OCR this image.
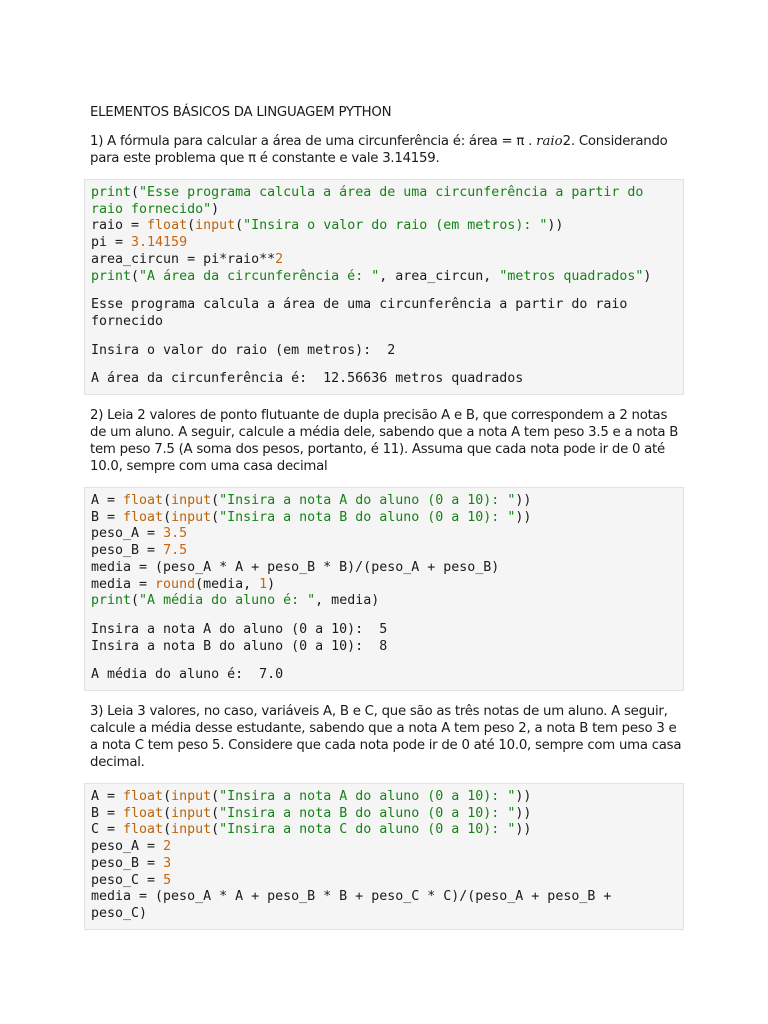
ELEMENTOS BÁSICOS DA LINGUAGEM PYTHON
1) A fórmula para calcular a área de uma circunferência é: área = π . raio2. Considerando para este problema que π é constante e vale 3.14159.
print("Esse programa calcula a área de uma circunferência a partir do
raio fornecido")
raio = float(input("Insira o valor do raio (em metros): "))
pi = 3.14159
area_circun = pi*raio**2
print("A área da circunferência é: ", area_circun, "metros quadrados")
Esse programa calcula a área de uma circunferência a partir do raio
fornecido
Insira o valor do raio (em metros):  2
A área da circunferência é:  12.56636 metros quadrados
2) Leia 2 valores de ponto flutuante de dupla precisão A e B, que correspondem a 2 notas de um aluno. A seguir, calcule a média dele, sabendo que a nota A tem peso 3.5 e a nota B tem peso 7.5 (A soma dos pesos, portanto, é 11). Assuma que cada nota pode ir de 0 até 10.0, sempre com uma casa decimal
A = float(input("Insira a nota A do aluno (0 a 10): "))
B = float(input("Insira a nota B do aluno (0 a 10): "))
peso_A = 3.5
peso_B = 7.5
media = (peso_A * A + peso_B * B)/(peso_A + peso_B)
media = round(media, 1)
print("A média do aluno é: ", media)
Insira a nota A do aluno (0 a 10):  5
Insira a nota B do aluno (0 a 10):  8
A média do aluno é:  7.0
3) Leia 3 valores, no caso, variáveis A, B e C, que são as três notas de um aluno. A seguir, calcule a média desse estudante, sabendo que a nota A tem peso 2, a nota B tem peso 3 e a nota C tem peso 5. Considere que cada nota pode ir de 0 até 10.0, sempre com uma casa decimal.
A = float(input("Insira a nota A do aluno (0 a 10): "))
B = float(input("Insira a nota B do aluno (0 a 10): "))
C = float(input("Insira a nota C do aluno (0 a 10): "))
peso_A = 2
peso_B = 3
peso_C = 5
media = (peso_A * A + peso_B * B + peso_C * C)/(peso_A + peso_B +
peso_C)
